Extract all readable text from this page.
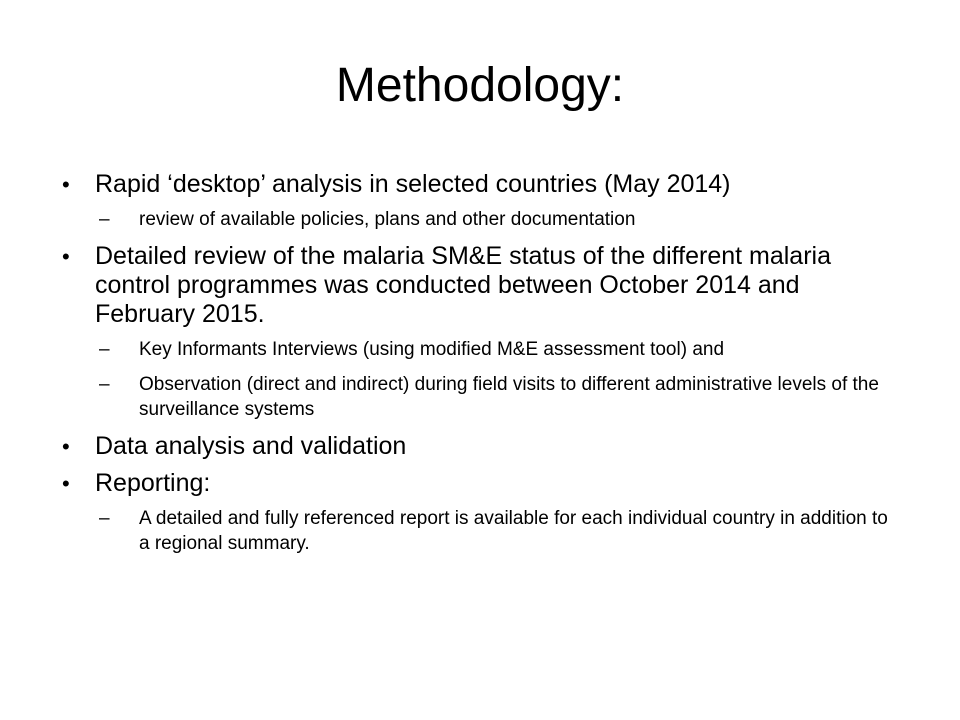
Methodology:
• Rapid ‘desktop’ analysis in selected countries (May 2014)
– review of available policies, plans and other documentation
• Detailed review of the malaria SM&E status of the different malaria control programmes was conducted between October 2014 and February 2015.
– Key Informants Interviews (using modified M&E assessment tool) and
– Observation (direct and indirect) during field visits to different administrative levels of the surveillance systems
• Data analysis and validation
• Reporting:
– A detailed and fully referenced report is available for each individual country in addition to a regional summary.
